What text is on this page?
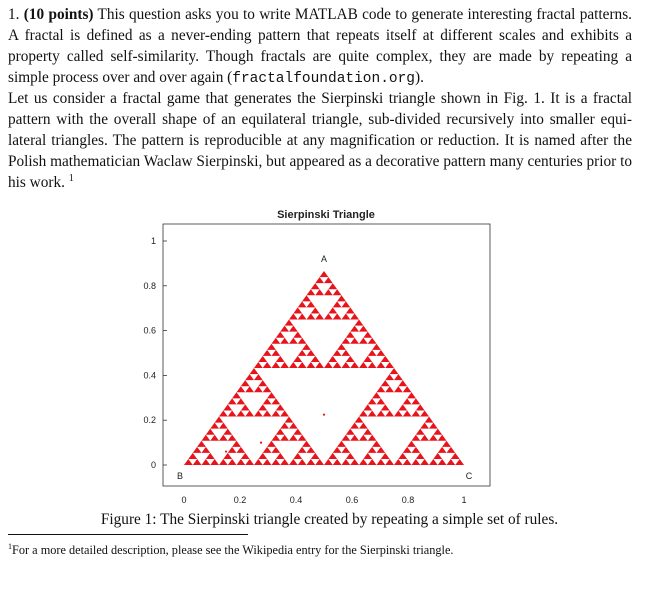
1. (10 points) This question asks you to write MATLAB code to generate interesting fractal patterns. A fractal is defined as a never-ending pattern that repeats itself at different scales and exhibits a property called self-similarity. Though fractals are quite complex, they are made by repeating a simple process over and over again (fractalfoundation.org).
Let us consider a fractal game that generates the Sierpinski triangle shown in Fig. 1. It is a fractal pattern with the overall shape of an equilateral triangle, sub-divided recursively into smaller equilateral triangles. The pattern is reproducible at any magnification or reduction. It is named after the Polish mathematician Waclaw Sierpinski, but appeared as a decorative pattern many centuries prior to his work. $^1$
Sierpinski Triangle
A
B	C
0
0.2
0.4
0.6
0.8
1
0	0.2	0.4	0.6	0.8	1
Figure 1: The Sierpinski triangle created by repeating a simple set of rules.
$^1$For a more detailed description, please see the Wikipedia entry for the Sierpinski triangle.
